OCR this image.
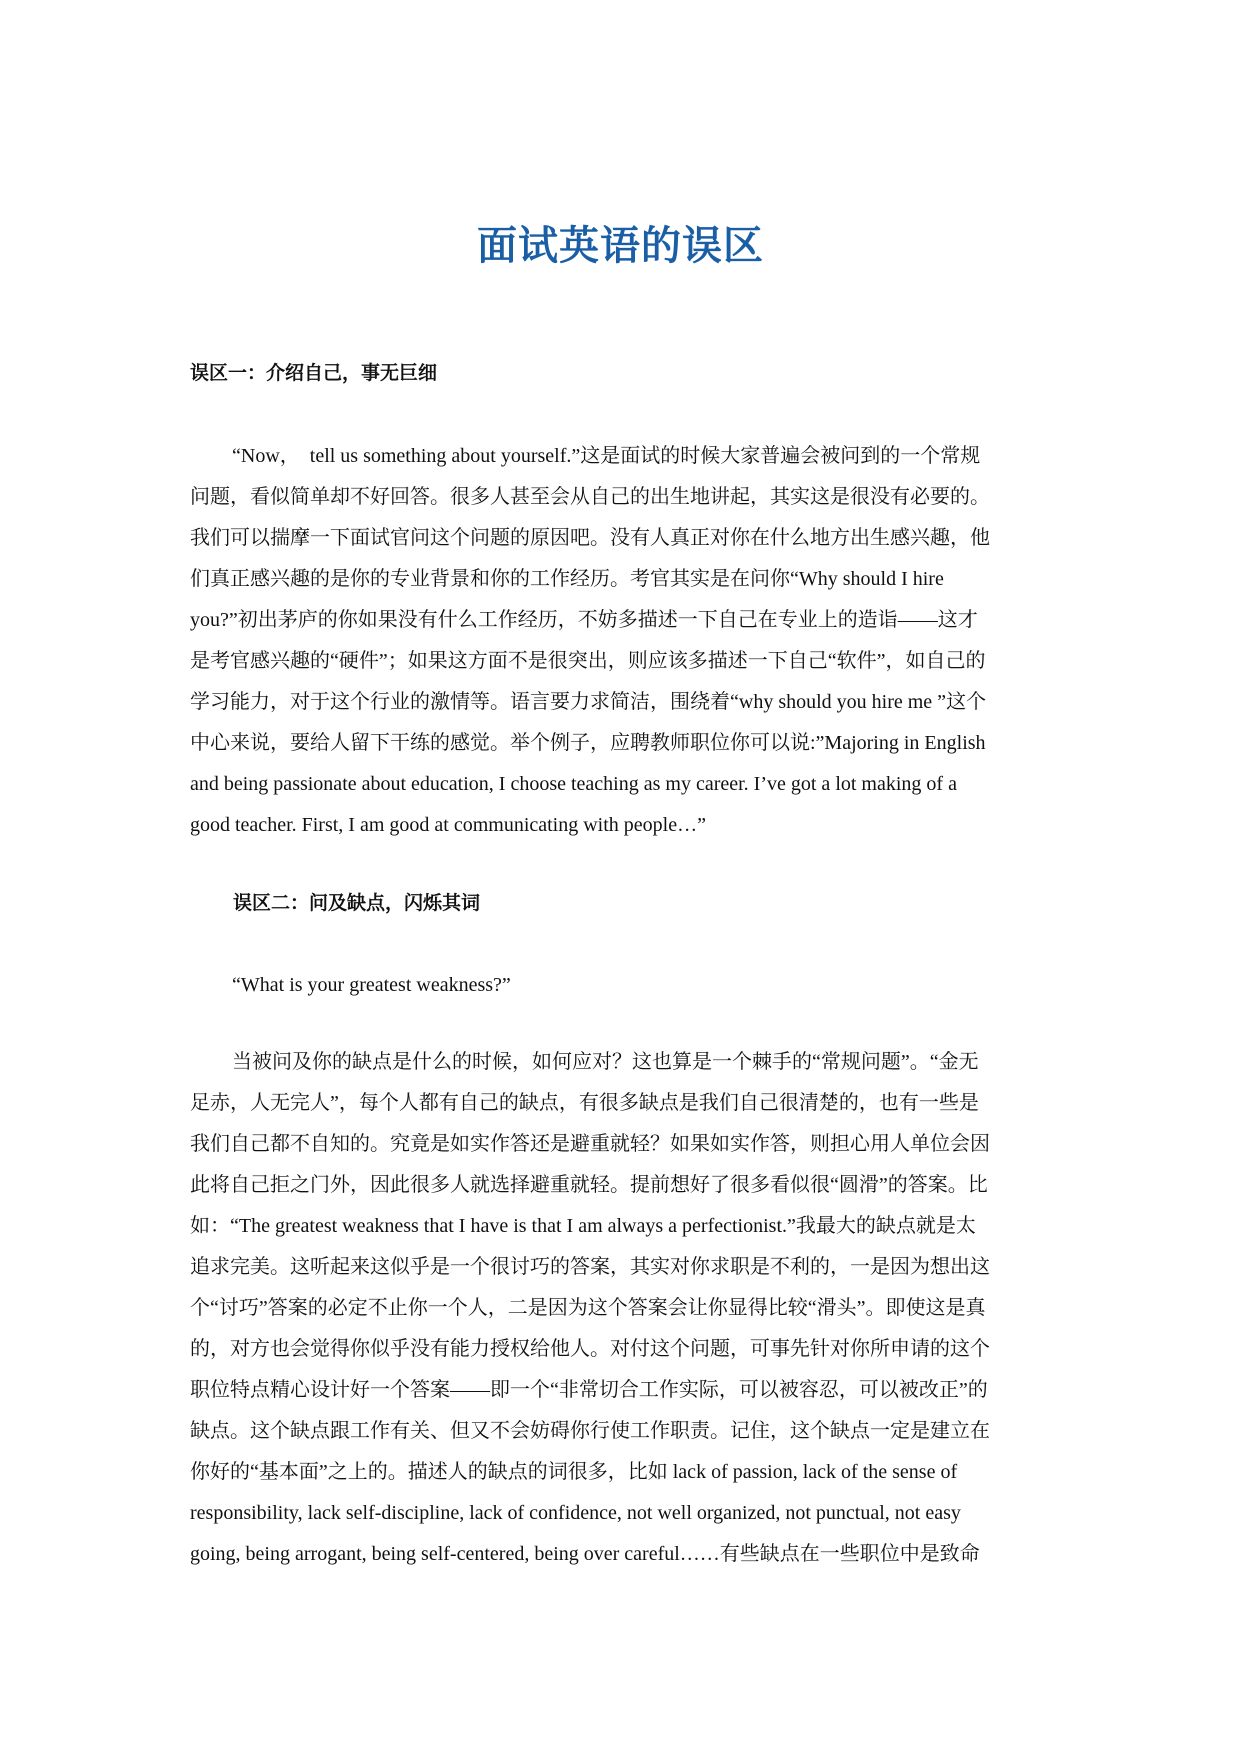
面试英语的误区
误区一：介绍自己，事无巨细
“Now，　tell us something about yourself.”这是面试的时候大家普遍会被问到的一个常规
问题，看似简单却不好回答。很多人甚至会从自己的出生地讲起，其实这是很没有必要的。
我们可以揣摩一下面试官问这个问题的原因吧。没有人真正对你在什么地方出生感兴趣，他
们真正感兴趣的是你的专业背景和你的工作经历。考官其实是在问你“Why should I hire
you?”初出茅庐的你如果没有什么工作经历，不妨多描述一下自己在专业上的造诣——这才
是考官感兴趣的“硬件”；如果这方面不是很突出，则应该多描述一下自己“软件”，如自己的
学习能力，对于这个行业的激情等。语言要力求简洁，围绕着“why should you hire me ”这个
中心来说，要给人留下干练的感觉。举个例子，应聘教师职位你可以说:”Majoring in English
and being passionate about education, I choose teaching as my career. I’ve got a lot making of a
good teacher. First, I am good at communicating with people…”
误区二：问及缺点，闪烁其词
“What is your greatest weakness?”
当被问及你的缺点是什么的时候，如何应对？这也算是一个棘手的“常规问题”。“金无
足赤，人无完人”，每个人都有自己的缺点，有很多缺点是我们自己很清楚的，也有一些是
我们自己都不自知的。究竟是如实作答还是避重就轻？如果如实作答，则担心用人单位会因
此将自己拒之门外，因此很多人就选择避重就轻。提前想好了很多看似很“圆滑”的答案。比
如：“The greatest weakness that I have is that I am always a perfectionist.”我最大的缺点就是太
追求完美。这听起来这似乎是一个很讨巧的答案，其实对你求职是不利的，一是因为想出这
个“讨巧”答案的必定不止你一个人，二是因为这个答案会让你显得比较“滑头”。即使这是真
的，对方也会觉得你似乎没有能力授权给他人。对付这个问题，可事先针对你所申请的这个
职位特点精心设计好一个答案——即一个“非常切合工作实际，可以被容忍，可以被改正”的
缺点。这个缺点跟工作有关、但又不会妨碍你行使工作职责。记住，这个缺点一定是建立在
你好的“基本面”之上的。描述人的缺点的词很多，比如 lack of passion, lack of the sense of
responsibility, lack self-discipline, lack of confidence, not well organized, not punctual, not easy
going, being arrogant, being self-centered, being over careful……有些缺点在一些职位中是致命
